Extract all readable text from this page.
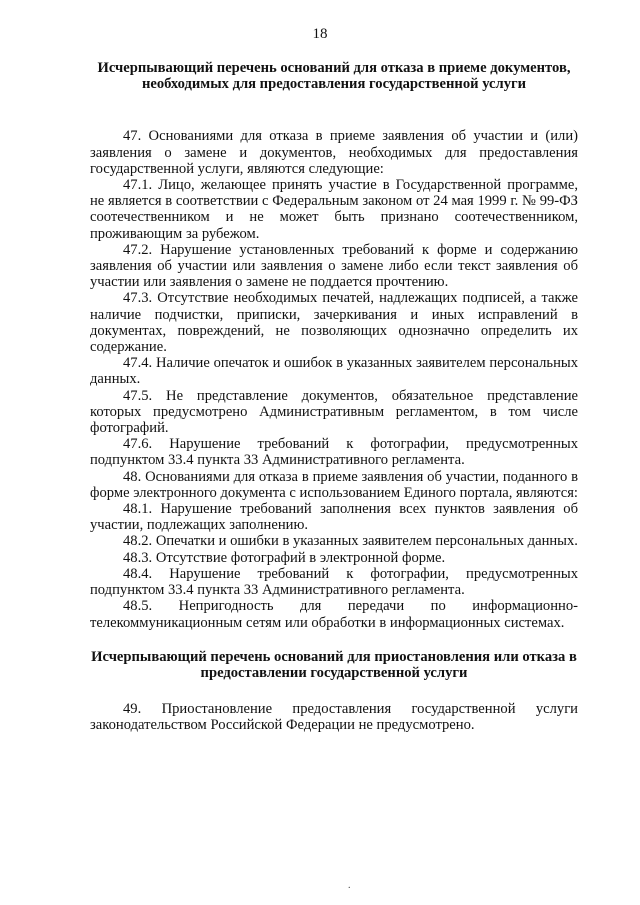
18

Исчерпывающий перечень оснований для отказа в приеме документов, необходимых для предоставления государственной услуги

47. Основаниями для отказа в приеме заявления об участии и (или) заявления о замене и документов, необходимых для предоставления государственной услуги, являются следующие:

47.1. Лицо, желающее принять участие в Государственной программе, не является в соответствии с Федеральным законом от 24 мая 1999 г. № 99-ФЗ соотечественником и не может быть признано соотечественником, проживающим за рубежом.

47.2. Нарушение установленных требований к форме и содержанию заявления об участии или заявления о замене либо если текст заявления об участии или заявления о замене не поддается прочтению.

47.3. Отсутствие необходимых печатей, надлежащих подписей, а также наличие подчистки, приписки, зачеркивания и иных исправлений в документах, повреждений, не позволяющих однозначно определить их содержание.

47.4. Наличие опечаток и ошибок в указанных заявителем персональных данных.

47.5. Не представление документов, обязательное представление которых предусмотрено Административным регламентом, в том числе фотографий.

47.6. Нарушение требований к фотографии, предусмотренных подпунктом 33.4 пункта 33 Административного регламента.

48. Основаниями для отказа в приеме заявления об участии, поданного в форме электронного документа с использованием Единого портала, являются:

48.1. Нарушение требований заполнения всех пунктов заявления об участии, подлежащих заполнению.

48.2. Опечатки и ошибки в указанных заявителем персональных данных.

48.3. Отсутствие фотографий в электронной форме.

48.4. Нарушение требований к фотографии, предусмотренных подпунктом 33.4 пункта 33 Административного регламента.

48.5. Непригодность для передачи по информационно-телекоммуникационным сетям или обработки в информационных системах.

Исчерпывающий перечень оснований для приостановления или отказа в предоставлении государственной услуги

49. Приостановление предоставления государственной услуги законодательством Российской Федерации не предусмотрено.

.
